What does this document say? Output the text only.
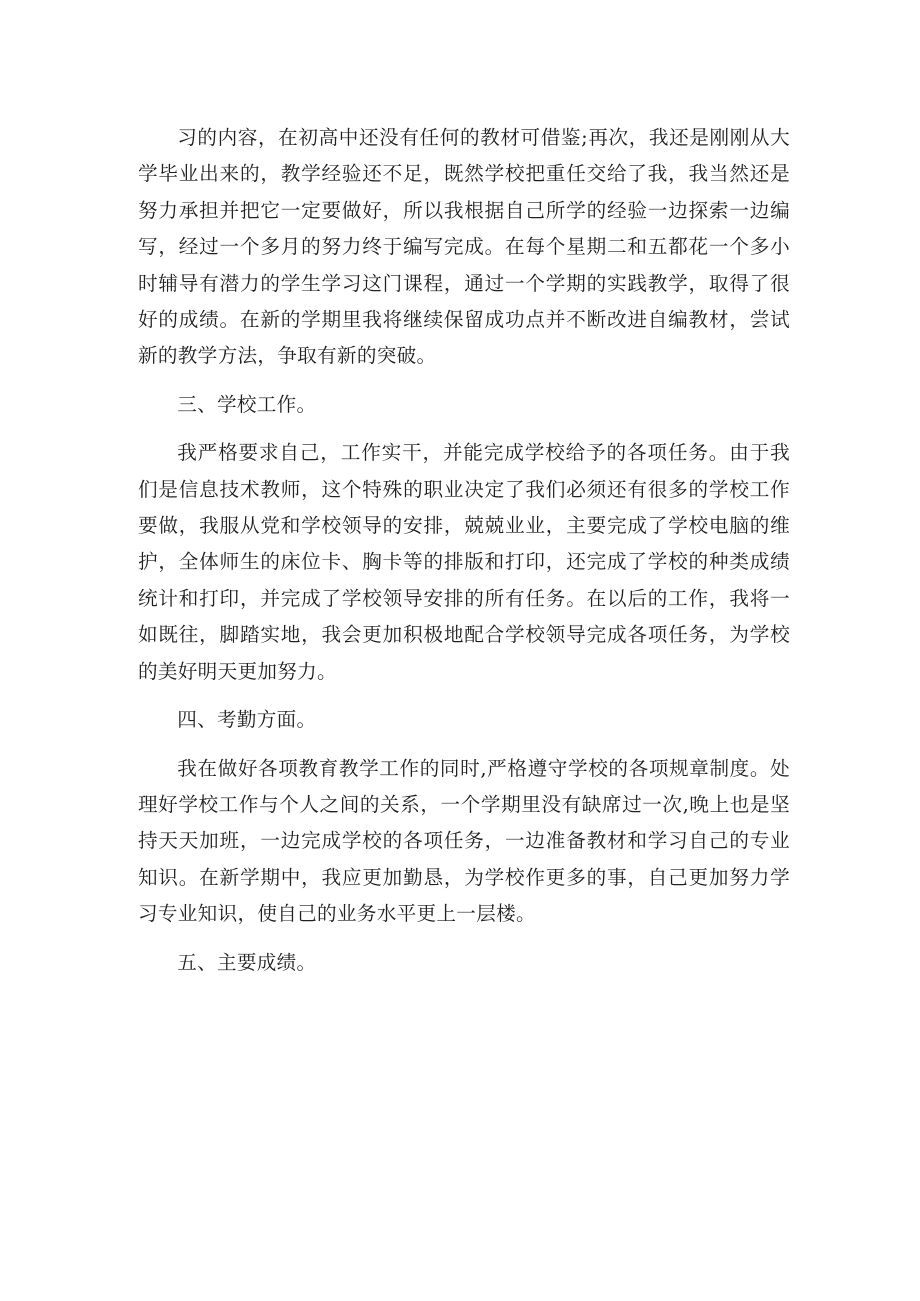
习的内容，在初高中还没有任何的教材可借鉴;再次，我还是刚刚从大学毕业出来的，教学经验还不足，既然学校把重任交给了我，我当然还是努力承担并把它一定要做好，所以我根据自己所学的经验一边探索一边编写，经过一个多月的努力终于编写完成。在每个星期二和五都花一个多小时辅导有潜力的学生学习这门课程，通过一个学期的实践教学，取得了很好的成绩。在新的学期里我将继续保留成功点并不断改进自编教材，尝试新的教学方法，争取有新的突破。

三、学校工作。

我严格要求自己，工作实干，并能完成学校给予的各项任务。由于我们是信息技术教师，这个特殊的职业决定了我们必须还有很多的学校工作要做，我服从党和学校领导的安排，兢兢业业，主要完成了学校电脑的维护，全体师生的床位卡、胸卡等的排版和打印，还完成了学校的种类成绩统计和打印，并完成了学校领导安排的所有任务。在以后的工作，我将一如既往，脚踏实地，我会更加积极地配合学校领导完成各项任务，为学校的美好明天更加努力。

四、考勤方面。

我在做好各项教育教学工作的同时,严格遵守学校的各项规章制度。处理好学校工作与个人之间的关系，一个学期里没有缺席过一次,晚上也是坚持天天加班，一边完成学校的各项任务，一边准备教材和学习自己的专业知识。在新学期中，我应更加勤恳，为学校作更多的事，自己更加努力学习专业知识，使自己的业务水平更上一层楼。

五、主要成绩。
